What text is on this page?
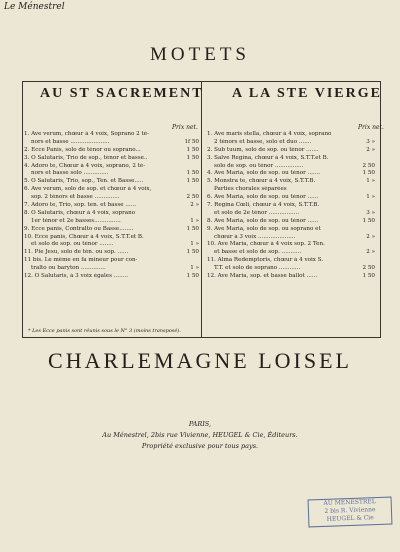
Le Ménestrel
MOTETS
AU ST SACREMENT A LA STE VIERGE
Prix net.	Prix net.
1. Ave verum, chœur à 4 voix, Soprano 2 té-
nors et basse ......................	1f 50
2. Ecce Panis, solo de ténor ou soprano...	1 50
3. O Salutaris, Trio de sop., ténor et basse..	1 50
4. Adoro te, Chœur à 4 voix, soprano, 2 té-
nors et basse solo ..............	1 50
5. O Salutaris, Trio, sop., Ten. et Basse.....	1 50
6. Ave verum, solo de sop. et chœur à 4 voix,
sop. 2 ténors et basse ..............	2 50
7. Adoro te, Trio, sop. ten. et basse ......	2 »
8. O Salutaris, chœur à 4 voix, soprano
1er ténor et 2e basses...............	1 »
9. Ecce panis, Contralto ou Basse........	1 50
10. Ecce panis, Chœur à 4 voix, S.T.T.et B.
et solo de sop. ou ténor ........	1 »
11. Pie Jesu, solo de tén. ou sop. ......	1 50
11 bis. Le même en fa mineur pour con-
tralto ou baryton ..............	1 »
12. O Salutaris, à 3 voix égales ........	1 50
1. Ave maris stella, chœur à 4 voix, soprano
2 ténors et basse, solo et duo .......	3 »
2. Sub tuum, solo de sop. ou ténor .......	2 »
3. Salve Regina, chœur à 4 voix, S.T.T.et B.
solo de sop. ou ténor ................	2 50
4. Ave Maria, solo de sop. ou ténor .......	1 50
5. Monstra te, chœur à 4 voix, S.T.T.B.	1 »
Parties chorales séparées
6. Ave Maria, solo de sop. ou ténor ......	1 »
7. Regina Cœli, chœur à 4 voix, S.T.T.B.
et solo de 2e ténor .................	3 »
8. Ave Maria, solo de sop. ou ténor ......	1 50
9. Ave Maria, solo de sop. ou soprano et
chœur à 3 voix .....................	2 »
10. Ave Maria, chœur à 4 voix sop. 2 Ten.
et basse et solo de sop. ...........	2 »
11. Alma Redemptoris, chœur à 4 voix S.
T.T. et solo de soprano ............	2 50
12. Ave Maria, sop. et basse ballot ......	1 50
* Les Ecce panis sont réunis sous le N° 3 (moins transposé).
CHARLEMAGNE LOISEL
PARIS,
Au Ménestrel, 2bis rue Vivienne, HEUGEL & Cie, Éditeurs.
Propriété exclusive pour tous pays.
AU MÉNESTREL
2 bis R. Vivienne
HEUGEL & Cie
